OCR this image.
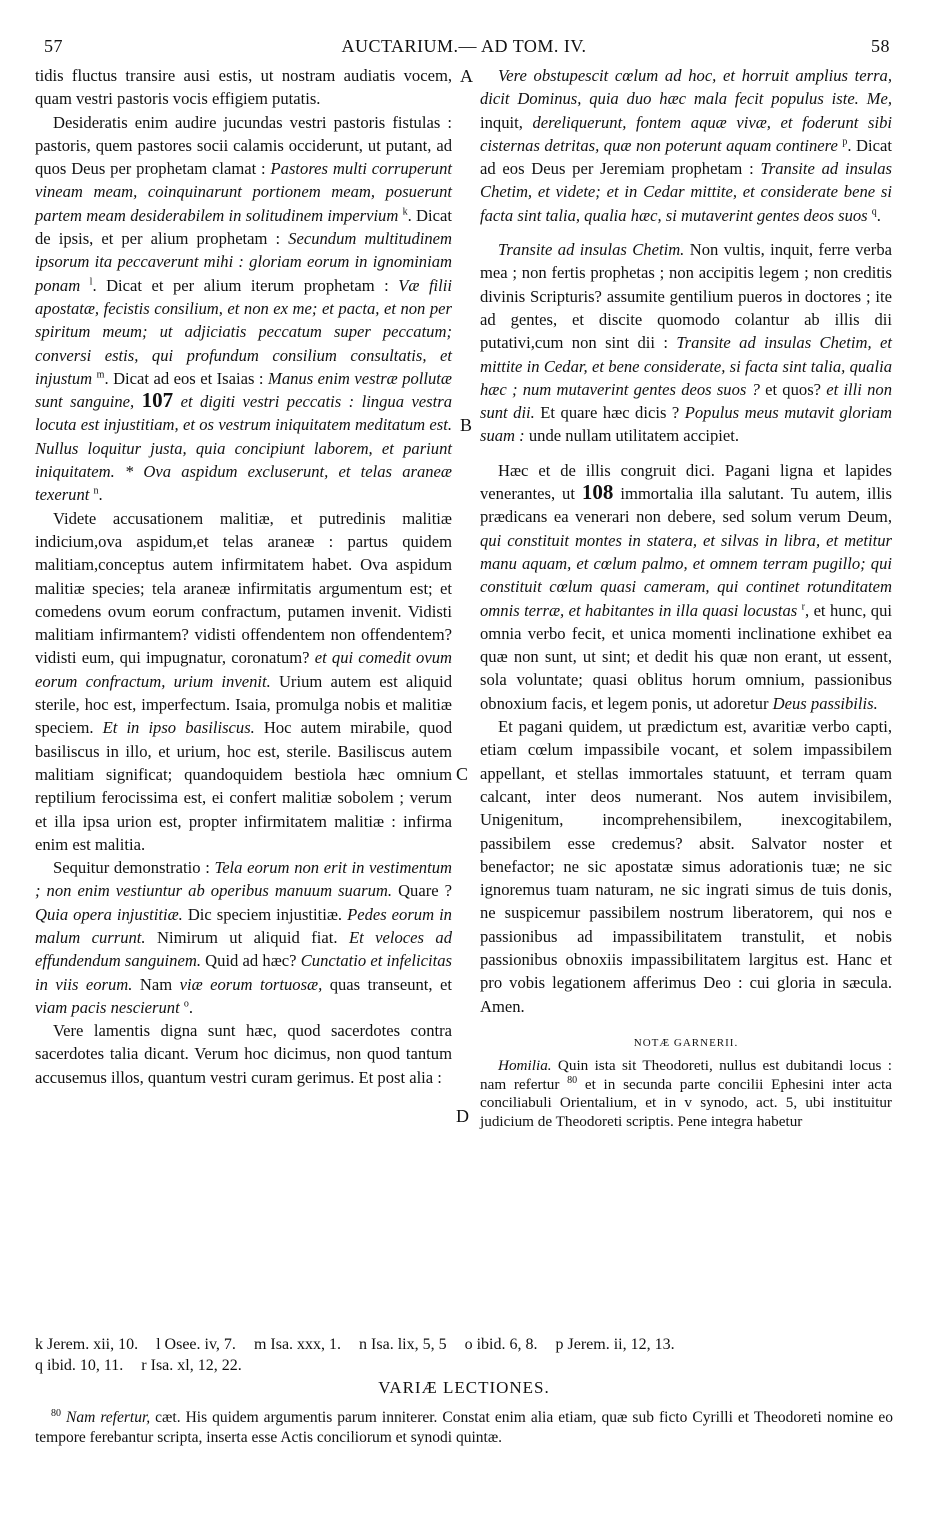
57	AUCTARIUM.— AD TOM. IV.	58
A
B
C
D

tidis fluctus transire ausi estis, ut nostram audiatis vocem, quam vestri pastoris vocis effigiem putatis.

Desideratis enim audire jucundas vestri pastoris fistulas : pastoris, quem pastores socii calamis occiderunt, ut putant, ad quos Deus per prophetam clamat : Pastores multi corruperunt vineam meam, coinquinarunt portionem meam, posuerunt partem meam desiderabilem in solitudinem impervium $^k$. Dicat de ipsis, et per alium prophetam : Secundum multitudinem ipsorum ita peccaverunt mihi : gloriam eorum in ignominiam ponam $^l$. Dicat et per alium iterum prophetam : Væ filii apostatæ, fecistis consilium, et non ex me; et pacta, et non per spiritum meum; ut adjiciatis peccatum super peccatum; conversi estis, qui profundum consilium consultatis, et injustum $^m$. Dicat ad eos et Isaias : Manus enim vestræ pollutæ sunt sanguine, 107 et digiti vestri peccatis : lingua vestra locuta est injustitiam, et os vestrum iniquitatem meditatum est. Nullus loquitur justa, quia concipiunt laborem, et pariunt iniquitatem. * Ova aspidum excluserunt, et telas araneæ texerunt $^n$.

Videte accusationem malitiæ, et putredinis malitiæ indicium,ova aspidum,et telas araneæ : partus quidem malitiam,conceptus autem infirmitatem habet. Ova aspidum malitiæ species; tela araneæ infirmitatis argumentum est; et comedens ovum eorum confractum, putamen invenit. Vidisti malitiam infirmantem? vidisti offendentem non offendentem? vidisti eum, qui impugnatur, coronatum? et qui comedit ovum eorum confractum, urium invenit. Urium autem est aliquid sterile, hoc est, imperfectum. Isaia, promulga nobis et malitiæ speciem. Et in ipso basiliscus. Hoc autem mirabile, quod basiliscus in illo, et urium, hoc est, sterile. Basiliscus autem malitiam significat; quandoquidem bestiola hæc omnium reptilium ferocissima est, ei confert malitiæ sobolem ; verum et illa ipsa urion est, propter infirmitatem malitiæ : infirma enim est malitia.

Sequitur demonstratio : Tela eorum non erit in vestimentum ; non enim vestiuntur ab operibus manuum suarum. Quare ? Quia opera injustitiæ. Dic speciem injustitiæ. Pedes eorum in malum currunt. Nimirum ut aliquid fiat. Et veloces ad effundendum sanguinem. Quid ad hæc? Cunctatio et infelicitas in viis eorum. Nam viæ eorum tortuosæ, quas transeunt, et viam pacis nescierunt $^o$.

Vere lamentis digna sunt hæc, quod sacerdotes contra sacerdotes talia dicant. Verum hoc dicimus, non quod tantum accusemus illos, quantum vestri curam gerimus. Et post alia :

Vere obstupescit cœlum ad hoc, et horruit amplius terra, dicit Dominus, quia duo hæc mala fecit populus iste. Me, inquit, dereliquerunt, fontem aquæ vivæ, et foderunt sibi cisternas detritas, quæ non poterunt aquam continere $^p$. Dicat ad eos Deus per Jeremiam prophetam : Transite ad insulas Chetim, et videte; et in Cedar mittite, et considerate bene si facta sint talia, qualia hæc, si mutaverint gentes deos suos $^q$.

Transite ad insulas Chetim. Non vultis, inquit, ferre verba mea ; non fertis prophetas ; non accipitis legem ; non creditis divinis Scripturis? assumite gentilium pueros in doctores ; ite ad gentes, et discite quomodo colantur ab illis dii putativi,cum non sint dii : Transite ad insulas Chetim, et mittite in Cedar, et bene considerate, si facta sint talia, qualia hæc ; num mutaverint gentes deos suos ? et quos? et illi non sunt dii. Et quare hæc dicis ? Populus meus mutavit gloriam suam : unde nullam utilitatem accipiet.

Hæc et de illis congruit dici. Pagani ligna et lapides venerantes, ut 108 immortalia illa salutant. Tu autem, illis prædicans ea venerari non debere, sed solum verum Deum, qui constituit montes in statera, et silvas in libra, et metitur manu aquam, et cœlum palmo, et omnem terram pugillo; qui constituit cœlum quasi cameram, qui continet rotunditatem omnis terræ, et habitantes in illa quasi locustas $^r$, et hunc, qui omnia verbo fecit, et unica momenti inclinatione exhibet ea quæ non sunt, ut sint; et dedit his quæ non erant, ut essent, sola voluntate; quasi oblitus horum omnium, passionibus obnoxium facis, et legem ponis, ut adoretur Deus passibilis.

Et pagani quidem, ut prædictum est, avaritiæ verbo capti, etiam cœlum impassibile vocant, et solem impassibilem appellant, et stellas immortales statuunt, et terram quam calcant, inter deos numerant. Nos autem invisibilem, Unigenitum, incomprehensibilem, inexcogitabilem, passibilem esse credemus? absit. Salvator noster et benefactor; ne sic apostatæ simus adorationis tuæ; ne sic ignoremus tuam naturam, ne sic ingrati simus de tuis donis, ne suspicemur passibilem nostrum liberatorem, qui nos e passionibus ad impassibilitatem transtulit, et nobis passionibus obnoxiis impassibilitatem largitus est. Hanc et pro vobis legationem afferimus Deo : cui gloria in sæcula. Amen.

NOTÆ GARNERII.

Homilia. Quin ista sit Theodoreti, nullus est dubitandi locus : nam refertur $^{80}$ et in secunda parte concilii Ephesini inter acta conciliabuli Orientalium, et in v synodo, act. 5, ubi instituitur judicium de Theodoreti scriptis. Pene integra habetur

k Jerem. xii, 10. l Osee. iv, 7. m Isa. xxx, 1. n Isa. lix, 5, 5 o ibid. 6, 8. p Jerem. ii, 12, 13.
q ibid. 10, 11. r Isa. xl, 12, 22.
VARIÆ LECTIONES.
$^{80}$ Nam refertur, cæt. His quidem argumentis parum inniterer. Constat enim alia etiam, quæ sub ficto Cyrilli et Theodoreti nomine eo tempore ferebantur scripta, inserta esse Actis conciliorum et synodi quintæ.
